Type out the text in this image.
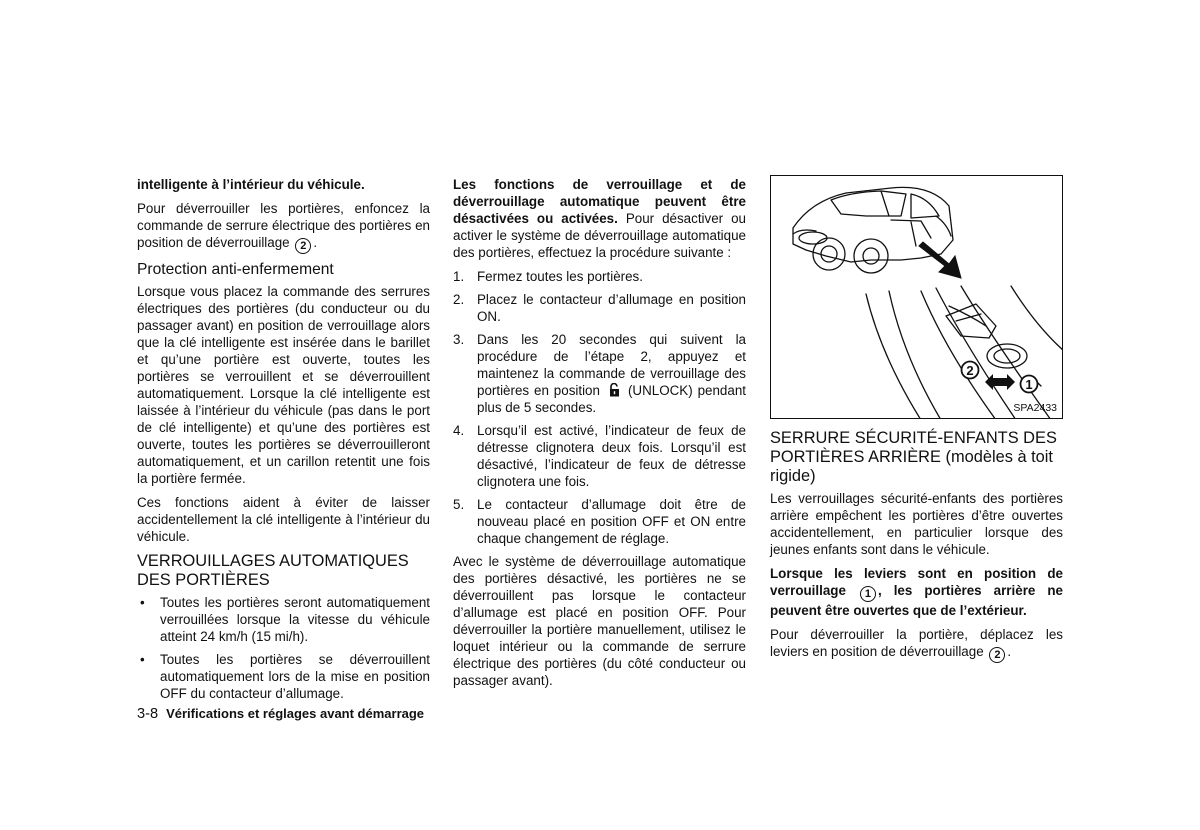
intelligente à l’intérieur du véhicule.

Pour déverrouiller les portières, enfoncez la commande de serrure électrique des portières en position de déverrouillage 2 .

Protection anti-enfermement

Lorsque vous placez la commande des serrures électriques des portières (du conducteur ou du passager avant) en position de verrouillage alors que la clé intelligente est insérée dans le barillet et qu’une portière est ouverte, toutes les portières se verrouillent et se déverrouillent automatiquement. Lorsque la clé intelligente est laissée à l’intérieur du véhicule (pas dans le port de clé intelligente) et qu’une des portières est ouverte, toutes les portières se déverrouilleront automatiquement, et un carillon retentit une fois la portière fermée.

Ces fonctions aident à éviter de laisser accidentellement la clé intelligente à l’intérieur du véhicule.

VERROUILLAGES AUTOMATIQUES DES PORTIÈRES
• Toutes les portières seront automatiquement verrouillées lorsque la vitesse du véhicule atteint 24 km/h (15 mi/h).
• Toutes les portières se déverrouillent automatiquement lors de la mise en position OFF du contacteur d’allumage.

Les fonctions de verrouillage et de déverrouillage automatique peuvent être désactivées ou activées. Pour désactiver ou activer le système de déverrouillage automatique des portières, effectuez la procédure suivante :

1. Fermez toutes les portières.
2. Placez le contacteur d’allumage en position ON.
3. Dans les 20 secondes qui suivent la procédure de l’étape 2, appuyez et maintenez la commande de verrouillage des portières en position (UNLOCK) pendant plus de 5 secondes.
4. Lorsqu’il est activé, l’indicateur de feux de détresse clignotera deux fois. Lorsqu’il est désactivé, l’indicateur de feux de détresse clignotera une fois.
5. Le contacteur d’allumage doit être de nouveau placé en position OFF et ON entre chaque changement de réglage.

Avec le système de déverrouillage automatique des portières désactivé, les portières ne se déverrouillent pas lorsque le contacteur d’allumage est placé en position OFF. Pour déverrouiller la portière manuellement, utilisez le loquet intérieur ou la commande de serrure électrique des portières (du côté conducteur ou passager avant).

2
1
SPA2433
SERRURE SÉCURITÉ-ENFANTS DES PORTIÈRES ARRIÈRE (modèles à toit rigide)

Les verrouillages sécurité-enfants des portières arrière empêchent les portières d’être ouvertes accidentellement, en particulier lorsque des jeunes enfants sont dans le véhicule.

Lorsque les leviers sont en position de verrouillage 1 , les portières arrière ne peuvent être ouvertes que de l’extérieur.

Pour déverrouiller la portière, déplacez les leviers en position de déverrouillage 2 .

3-8 Vérifications et réglages avant démarrage
